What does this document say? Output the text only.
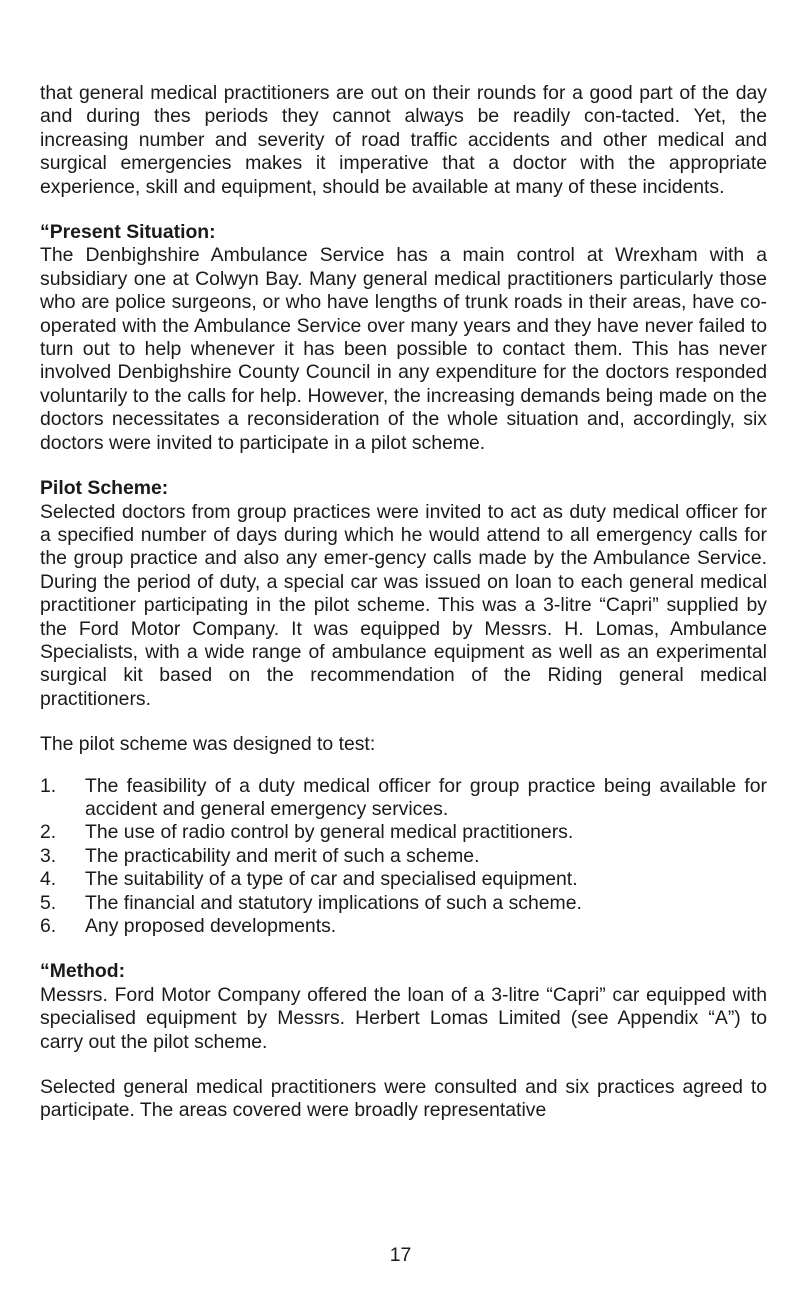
that general medical practitioners are out on their rounds for a good part of the day and during thes periods they cannot always be readily con-tacted. Yet, the increasing number and severity of road traffic accidents and other medical and surgical emergencies makes it imperative that a doctor with the appropriate experience, skill and equipment, should be available at many of these incidents.

“Present Situation:

The Denbighshire Ambulance Service has a main control at Wrexham with a subsidiary one at Colwyn Bay. Many general medical practitioners particularly those who are police surgeons, or who have lengths of trunk roads in their areas, have co-operated with the Ambulance Service over many years and they have never failed to turn out to help whenever it has been possible to contact them. This has never involved Denbighshire County Council in any expenditure for the doctors responded voluntarily to the calls for help. However, the increasing demands being made on the doctors necessitates a reconsideration of the whole situation and, accordingly, six doctors were invited to participate in a pilot scheme.

Pilot Scheme:

Selected doctors from group practices were invited to act as duty medical officer for a specified number of days during which he would attend to all emergency calls for the group practice and also any emer-gency calls made by the Ambulance Service. During the period of duty, a special car was issued on loan to each general medical practitioner participating in the pilot scheme. This was a 3-litre “Capri” supplied by the Ford Motor Company. It was equipped by Messrs. H. Lomas, Ambulance Specialists, with a wide range of ambulance equipment as well as an experimental surgical kit based on the recommendation of the Riding general medical practitioners.

The pilot scheme was designed to test:

1.	The feasibility of a duty medical officer for group practice being available for accident and general emergency services.
2.	The use of radio control by general medical practitioners.
3.	The practicability and merit of such a scheme.
4.	The suitability of a type of car and specialised equipment.
5.	The financial and statutory implications of such a scheme.
6.	Any proposed developments.
“Method:

Messrs. Ford Motor Company offered the loan of a 3-litre “Capri” car equipped with specialised equipment by Messrs. Herbert Lomas Limited (see Appendix “A”) to carry out the pilot scheme.

Selected general medical practitioners were consulted and six practices agreed to participate. The areas covered were broadly representative

17
